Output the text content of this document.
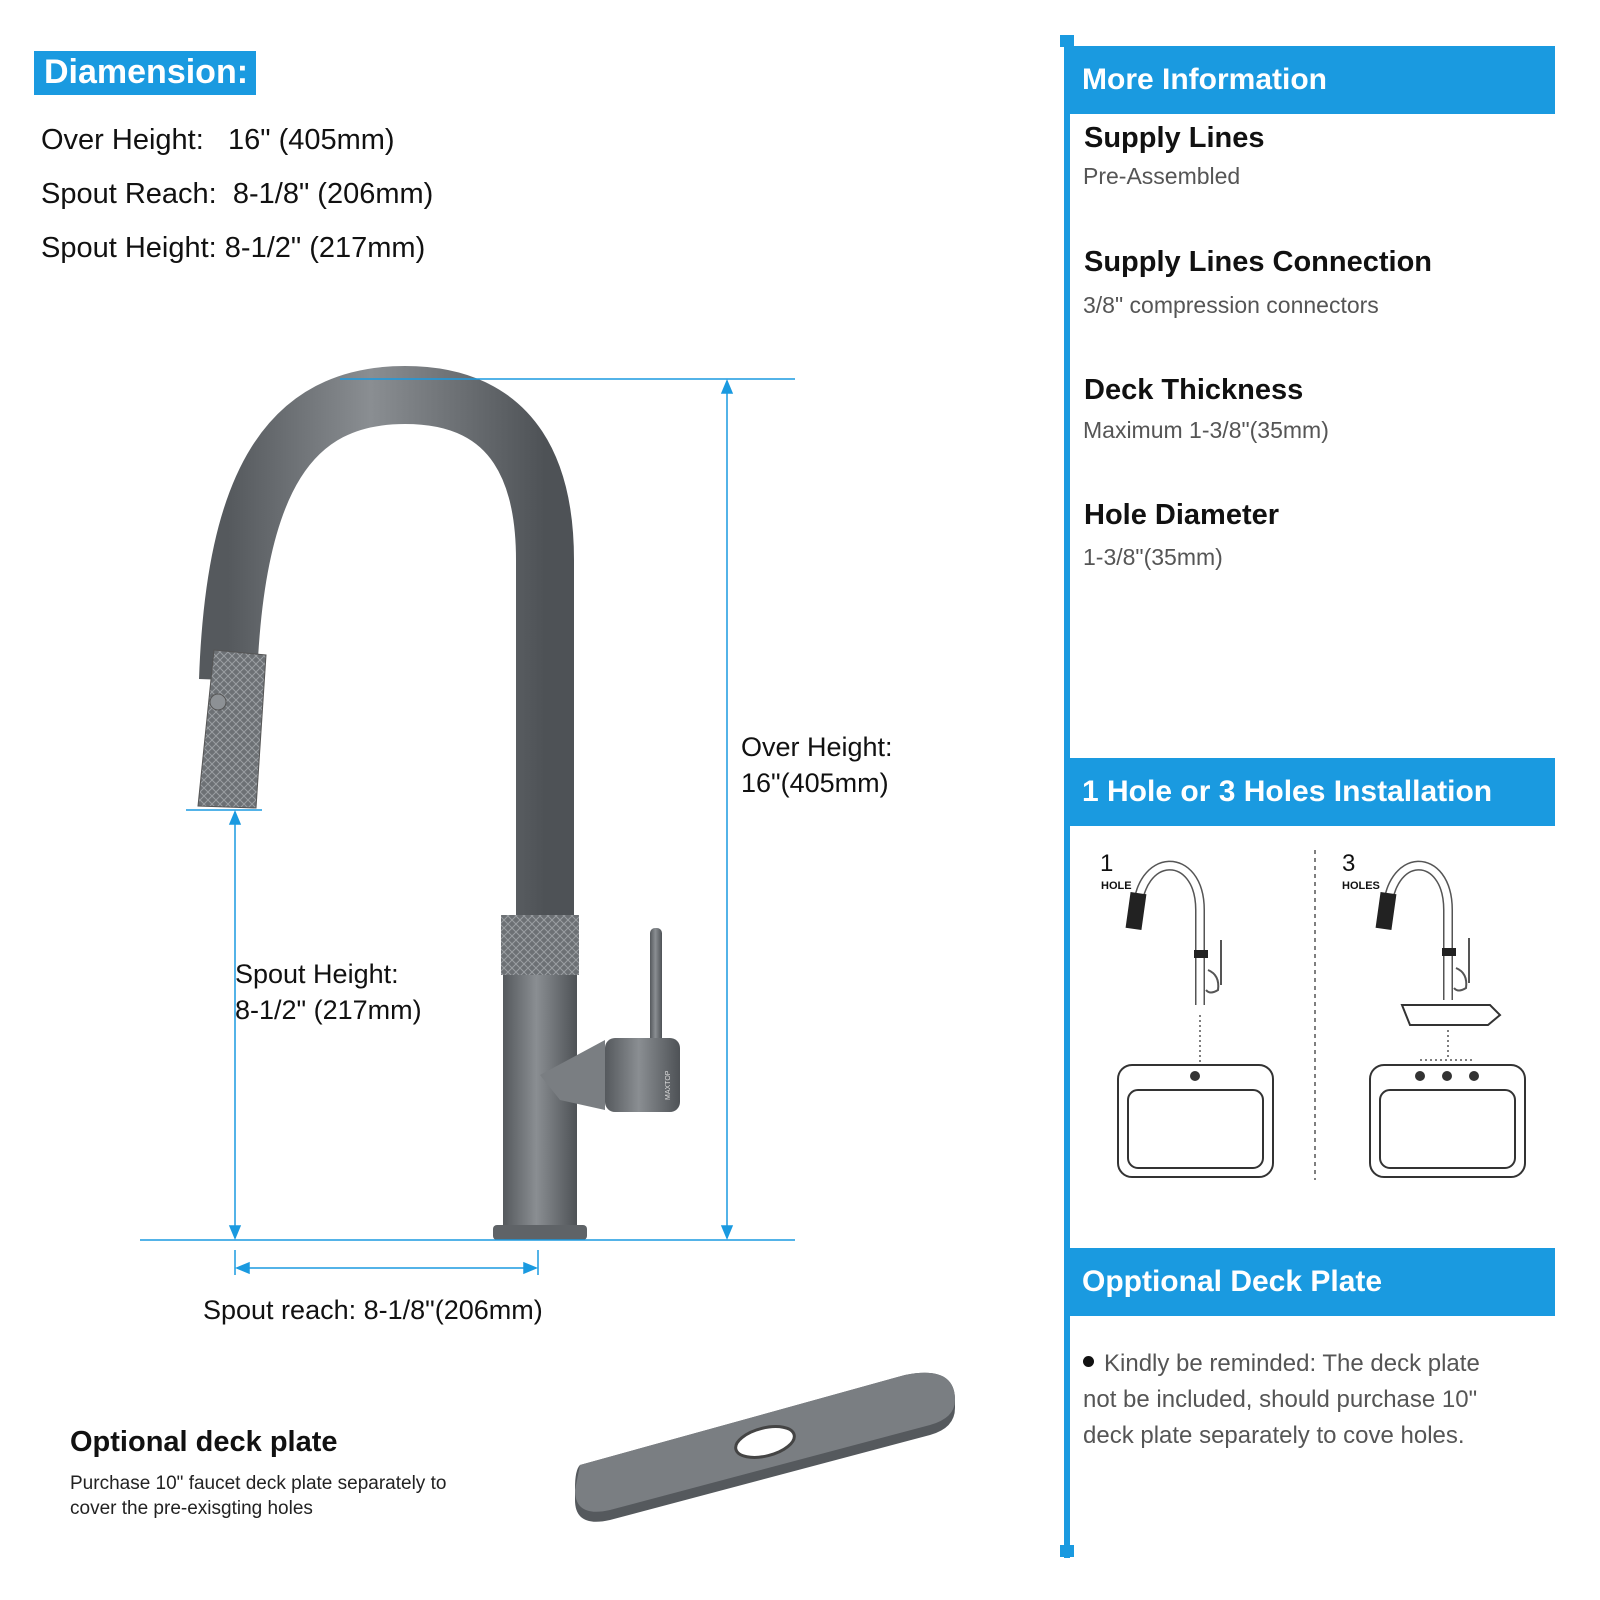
Diamension:
Over Height:   16" (405mm)
Spout Reach:  8-1/8" (206mm)
Spout Height: 8-1/2" (217mm)
MAXTOP
Over Height:
16"(405mm)
Spout Height:
8-1/2" (217mm)
Spout reach: 8-1/8"(206mm)
Optional deck plate
Purchase 10" faucet deck plate separately to
cover the pre-exisgting holes
More Information
Supply Lines
Pre-Assembled
Supply Lines Connection
3/8" compression connectors
Deck Thickness
Maximum 1-3/8"(35mm)
Hole Diameter
1-3/8"(35mm)
1 Hole or 3 Holes Installation
1
HOLE
3
HOLES
Opptional Deck Plate
Kindly be reminded: The deck plate
not be included, should purchase 10"
deck plate separately to cove holes.
